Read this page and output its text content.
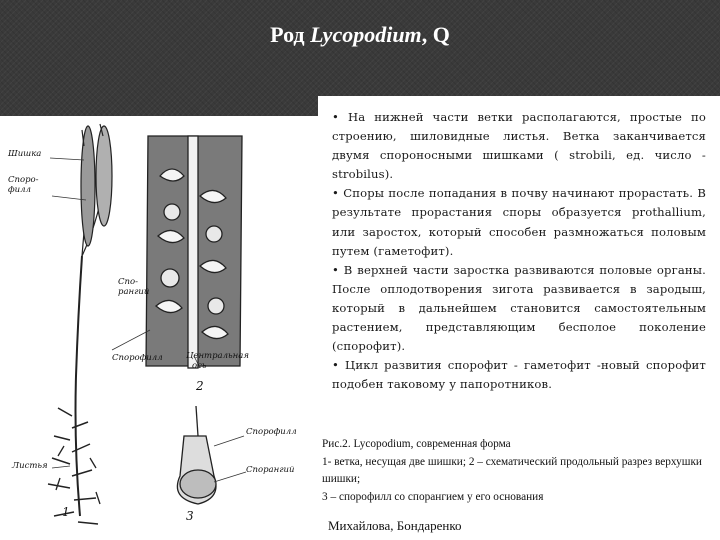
Род Lycopodium, Q
Шишка
Споро-
филл
Спо-
рангий
Спорофилл	Центральная
ось
2
Листья
Спорофилл
Спорангий
1	3

• На нижней части ветки располагаются, простые по строению, шиловидные листья. Ветка заканчивается двумя спороносными шишками ( strobili, ед. число - strobilus).

• Споры после попадания в почву начинают прорастать. В результате прорастания споры образуется prothallium, или заростох, который способен размножаться половым путем (гаметофит).

• В верхней части заростка развиваются половые органы. После оплодотворения зигота развивается в зародыш, который в дальнейшем становится самостоятельным растением, представляющим бесполое поколение (спорофит).

• Цикл развития спорофит - гаметофит -новый спорофит подобен таковому у папоротников.

Рис.2. Lycopodium, современная форма

1- ветка, несущая две шишки; 2 – схематический продольный разрез верхушки шишки;

3 – спорофилл со спорангием у его основания

Михайлова, Бондаренко
